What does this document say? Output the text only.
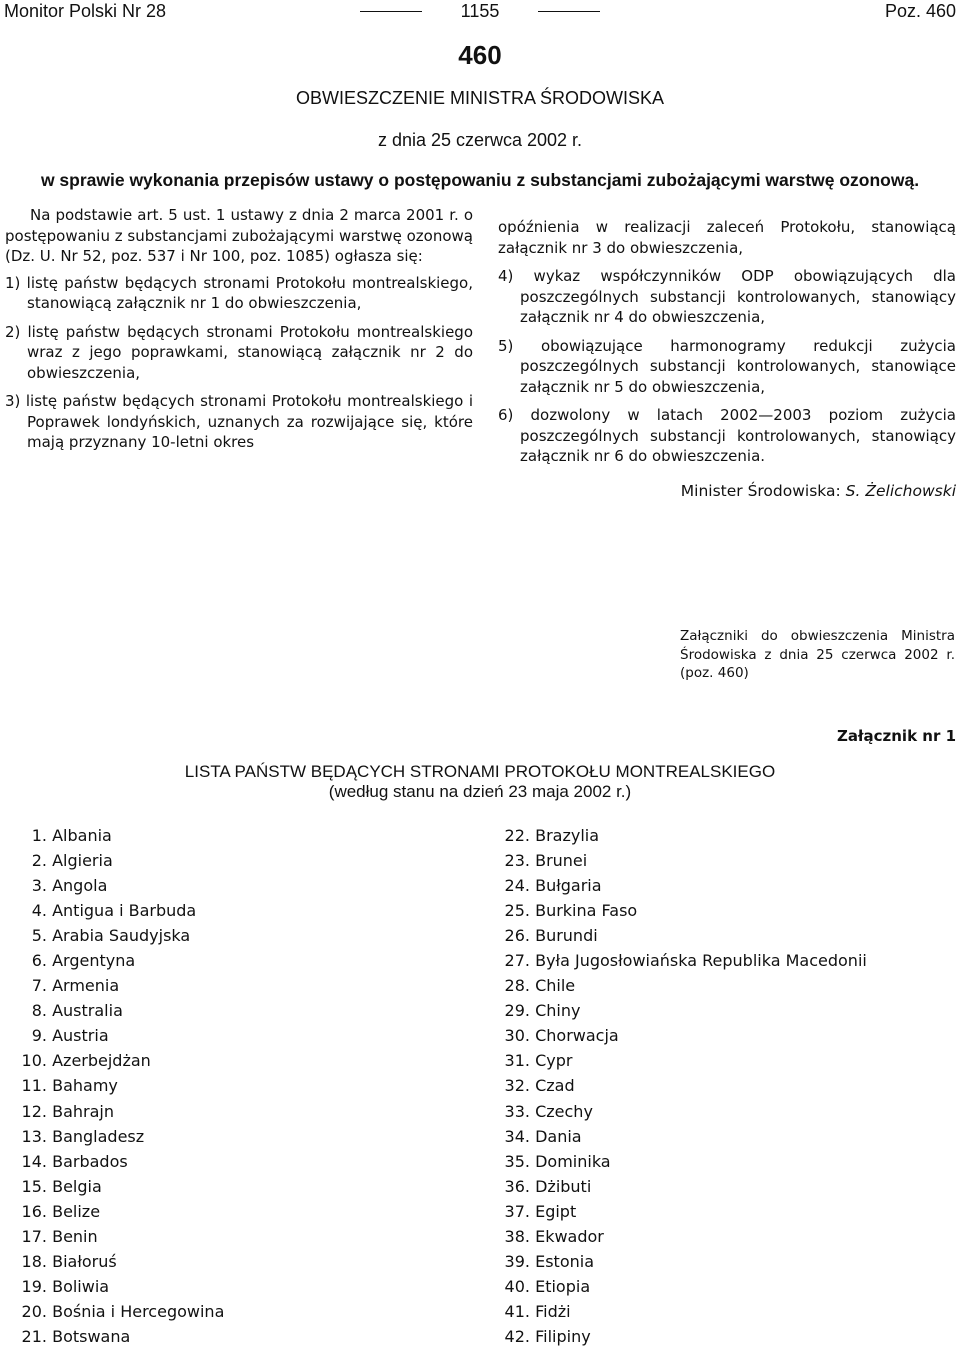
Monitor Polski Nr 28	1155	Poz. 460
460
OBWIESZCZENIE MINISTRA ŚRODOWISKA
z dnia 25 czerwca 2002 r.
w sprawie wykonania przepisów ustawy o postępowaniu z substancjami zubożającymi warstwę ozonową.

Na podstawie art. 5 ust. 1 ustawy z dnia 2 marca 2001 r. o postępowaniu z substancjami zubożającymi warstwę ozonową (Dz. U. Nr 52, poz. 537 i Nr 100, poz. 1085) ogłasza się:

1) listę państw będących stronami Protokołu montrealskiego, stanowiącą załącznik nr 1 do obwieszczenia,

2) listę państw będących stronami Protokołu montrealskiego wraz z jego poprawkami, stanowiącą załącznik nr 2 do obwieszczenia,

3) listę państw będących stronami Protokołu montrealskiego i Poprawek londyńskich, uznanych za rozwijające się, które mają przyznany 10-letni okres

opóźnienia w realizacji zaleceń Protokołu, stanowiącą załącznik nr 3 do obwieszczenia,

4) wykaz współczynników ODP obowiązujących dla poszczególnych substancji kontrolowanych, stanowiący załącznik nr 4 do obwieszczenia,

5) obowiązujące harmonogramy redukcji zużycia poszczególnych substancji kontrolowanych, stanowiące załącznik nr 5 do obwieszczenia,

6) dozwolony w latach 2002—2003 poziom zużycia poszczególnych substancji kontrolowanych, stanowiący załącznik nr 6 do obwieszczenia.

Minister Środowiska: S. Żelichowski
Załączniki do obwieszczenia Ministra Środowiska z dnia 25 czerwca 2002 r. (poz. 460)
Załącznik nr 1
LISTA PAŃSTW BĘDĄCYCH STRONAMI PROTOKOŁU MONTREALSKIEGO
(według stanu na dzień 23 maja 2002 r.)
1. Albania
2. Algieria
3. Angola
4. Antigua i Barbuda
5. Arabia Saudyjska
6. Argentyna
7. Armenia
8. Australia
9. Austria
10. Azerbejdżan
11. Bahamy
12. Bahrajn
13. Bangladesz
14. Barbados
15. Belgia
16. Belize
17. Benin
18. Białoruś
19. Boliwia
20. Bośnia i Hercegowina
21. Botswana
22. Brazylia
23. Brunei
24. Bułgaria
25. Burkina Faso
26. Burundi
27. Była Jugosłowiańska Republika Macedonii
28. Chile
29. Chiny
30. Chorwacja
31. Cypr
32. Czad
33. Czechy
34. Dania
35. Dominika
36. Dżibuti
37. Egipt
38. Ekwador
39. Estonia
40. Etiopia
41. Fidżi
42. Filipiny
